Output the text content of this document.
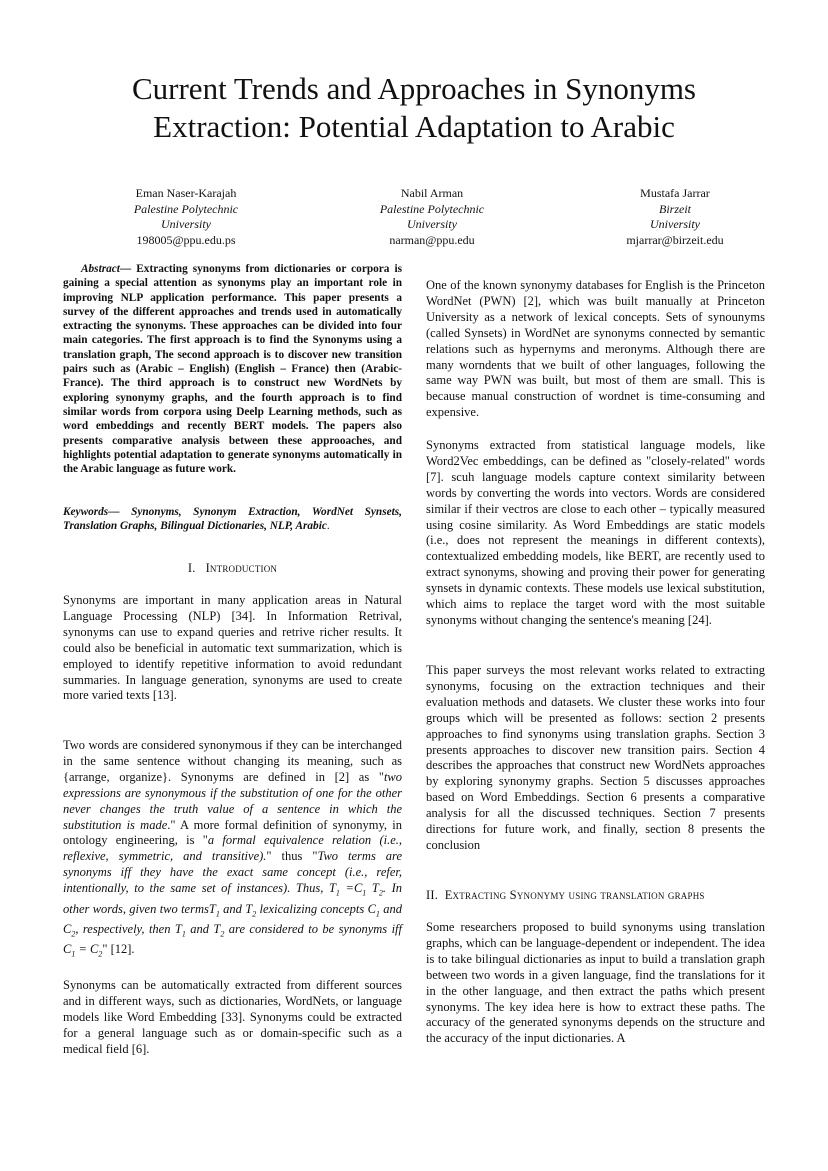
Current Trends and Approaches in Synonyms
Extraction: Potential Adaptation to Arabic
Eman Naser-Karajah
Palestine Polytechnic
University
198005@ppu.edu.ps
Nabil Arman
Palestine Polytechnic
University
narman@ppu.edu
Mustafa Jarrar
Birzeit
University
mjarrar@birzeit.edu
Abstract— Extracting synonyms from dictionaries or corpora is gaining a special attention as synonyms play an important role in improving NLP application performance. This paper presents a survey of the different approaches and trends used in automatically extracting the synonyms. These approaches can be divided into four main categories. The first approach is to find the Synonyms using a translation graph, The second approach is to discover new transition pairs such as (Arabic – English) (English – France) then (Arabic-France). The third approach is to construct new WordNets by exploring synonymy graphs, and the fourth approach is to find similar words from corpora using Deelp Learning methods, such as word embeddings and recently BERT models. The papers also presents comparative analysis between these approoaches, and highlights potential adaptation to generate synonyms automatically in the Arabic language as future work.
Keywords— Synonyms, Synonym Extraction, WordNet Synsets, Translation Graphs, Bilingual Dictionaries, NLP, Arabic.
I. Introduction

Synonyms are important in many application areas in Natural Language Processing (NLP) [34]. In Information Retrival, synonyms can use to expand queries and retrive richer results. It could also be beneficial in automatic text summarization, which is employed to identify repetitive information to avoid redundant summaries. In language generation, synonyms are used to create more varied texts [13].

Two words are considered synonymous if they can be interchanged in the same sentence without changing its meaning, such as {arrange, organize}. Synonyms are defined in [2] as "two expressions are synonymous if the substitution of one for the other never changes the truth value of a sentence in which the substitution is made." A more formal definition of synonymy, in ontology engineering, is "a formal equivalence relation (i.e., reflexive, symmetric, and transitive)." thus "Two terms are synonyms iff they have the exact same concept (i.e., refer, intentionally, to the same set of instances). Thus, $T_1 =C_1$ $T_2$. In other words, given two termsT$_1$ and $T_2$ lexicalizing concepts $C_1$ and $C_2$, respectively, then $T_1$ and $T_2$ are considered to be synonyms iff $C_1 = C_2$" [12].

Synonyms can be automatically extracted from different sources and in different ways, such as dictionaries, WordNets, or language models like Word Embedding [33]. Synonyms could be extracted for a general language such as or domain-specific such as a medical field [6].

One of the known synonymy databases for English is the Princeton WordNet (PWN) [2], which was built manually at Princeton University as a network of lexical concepts. Sets of synounyms (called Synsets) in WordNet are synonyms connected by semantic relations such as hypernyms and meronyms. Although there are many worndents that we built of other languages, following the same way PWN was built, but most of them are small. This is because manual construction of wordnet is time-consuming and expensive.

Synonyms extracted from statistical language models, like Word2Vec embeddings, can be defined as "closely-related" words [7]. scuh language models capture context similarity between words by converting the words into vectors. Words are considered similar if their vectros are close to each other – typically measured using cosine similarity. As Word Embeddings are static models (i.e., does not represent the meanings in different contexts), contextualized embedding models, like BERT, are recently used to extract synonyms, showing and proving their power for generating synsets in dynamic contexts. These models use lexical substitution, which aims to replace the target word with the most suitable synonyms without changing the sentence's meaning [24].

This paper surveys the most relevant works related to extracting synonyms, focusing on the extraction techniques and their evaluation methods and datasets. We cluster these works into four groups which will be presented as follows: section 2 presents approaches to find synonyms using translation graphs. Section 3 presents approaches to discover new transition pairs. Section 4 describes the approaches that construct new WordNets approaches by exploring synonymy graphs. Section 5 discusses approaches based on Word Embeddings. Section 6 presents a comparative analysis for all the discussed techniques. Section 7 presents directions for future work, and finally, section 8 presents the conclusion

II. Extracting Synonymy using translation graphs

Some researchers proposed to build synonyms using translation graphs, which can be language-dependent or independent. The idea is to take bilingual dictionaries as input to build a translation graph between two words in a given language, find the translations for it in the other language, and then extract the paths which present synonyms. The key idea here is how to extract these paths. The accuracy of the generated synonyms depends on the structure and the accuracy of the input dictionaries. A
